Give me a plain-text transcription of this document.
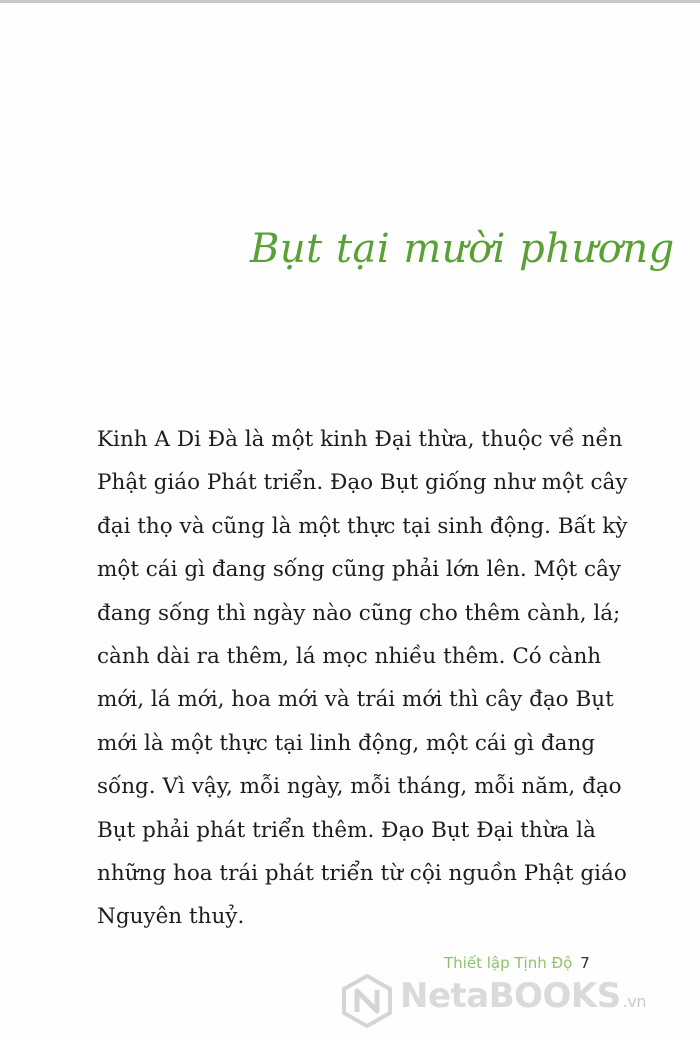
Bụt tại mười phương
Kinh A Di Đà là một kinh Đại thừa, thuộc về nền
Phật giáo Phát triển. Đạo Bụt giống như một cây
đại thọ và cũng là một thực tại sinh động. Bất kỳ
một cái gì đang sống cũng phải lớn lên. Một cây
đang sống thì ngày nào cũng cho thêm cành, lá;
cành dài ra thêm, lá mọc nhiều thêm. Có cành
mới, lá mới, hoa mới và trái mới thì cây đạo Bụt
mới là một thực tại linh động, một cái gì đang
sống. Vì vậy, mỗi ngày, mỗi tháng, mỗi năm, đạo
Bụt phải phát triển thêm. Đạo Bụt Đại thừa là
những hoa trái phát triển từ cội nguồn Phật giáo
Nguyên thuỷ.
Thiết lập Tịnh Độ 7
NetaBOOKS .vn
